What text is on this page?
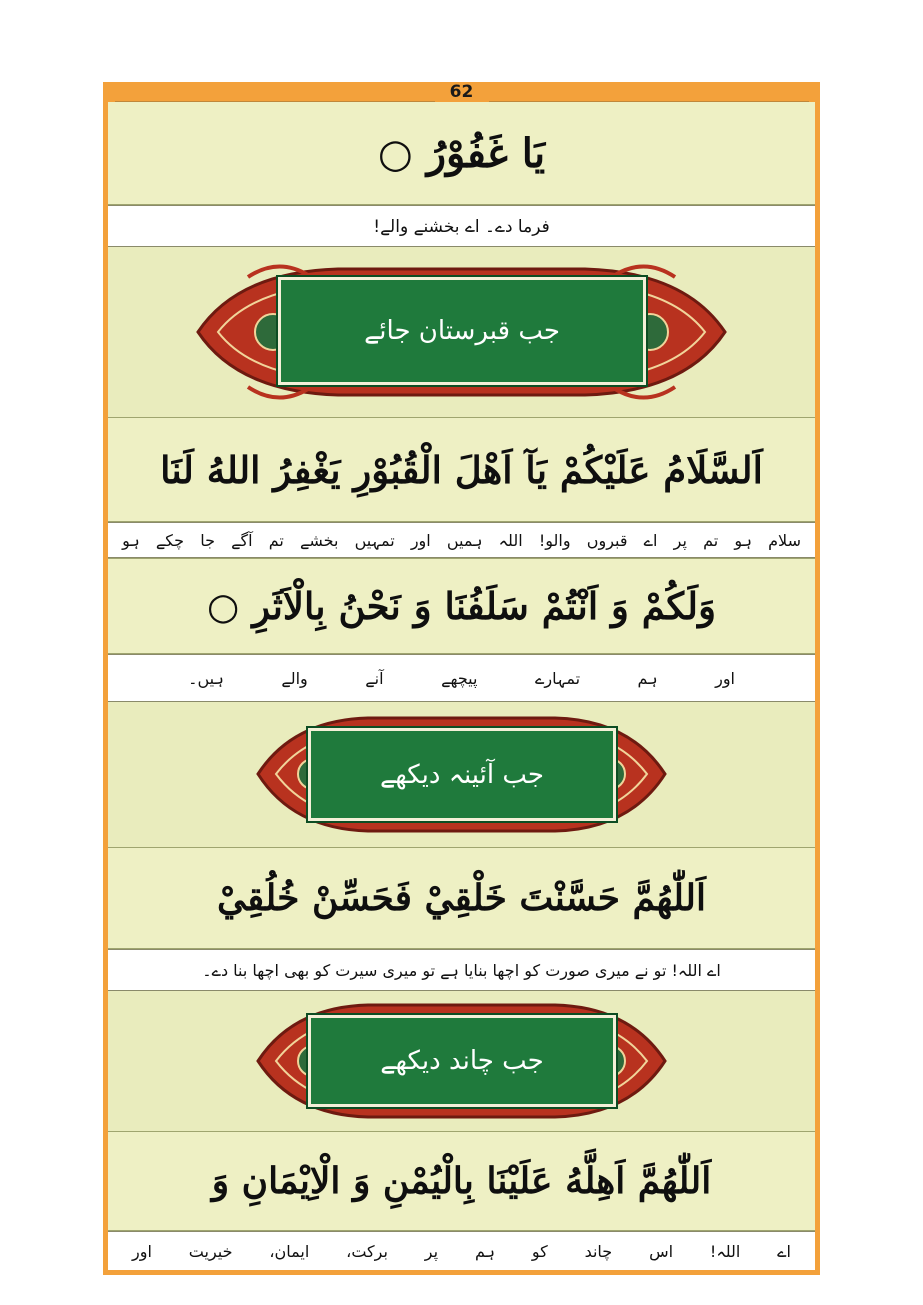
62
يَا غَفُوْرُ ○
فرما دے۔ اے بخشنے والے!
جب قبرستان جائے
اَلسَّلَامُ عَلَيْكُمْ يَآ اَهْلَ الْقُبُوْرِ يَغْفِرُ اللهُ لَنَا
سلام
ہو
تم
پر
اے
قبروں
والو!
اللہ
ہمیں
اور
تمہیں
بخشے
تم
آگے
جا
چکے
ہو
وَلَكُمْ وَ اَنْتُمْ سَلَفُنَا وَ نَحْنُ بِالْاَثَرِ ○
اور
ہم
تمہارے
پیچھے
آنے
والے
ہیں۔
جب آئینہ دیکھے
اَللّٰهُمَّ حَسَّنْتَ خَلْقِيْ فَحَسِّنْ خُلُقِيْ
اے اللہ! تو نے میری صورت کو اچھا بنایا ہے تو میری سیرت کو بھی اچھا بنا دے۔
جب چاند دیکھے
اَللّٰهُمَّ اَهِلَّهُ عَلَيْنَا بِالْيُمْنِ وَ الْاِيْمَانِ وَ
اے
اللہ!
اس
چاند
کو
ہم
پر
برکت،
ایمان،
خیریت
اور
